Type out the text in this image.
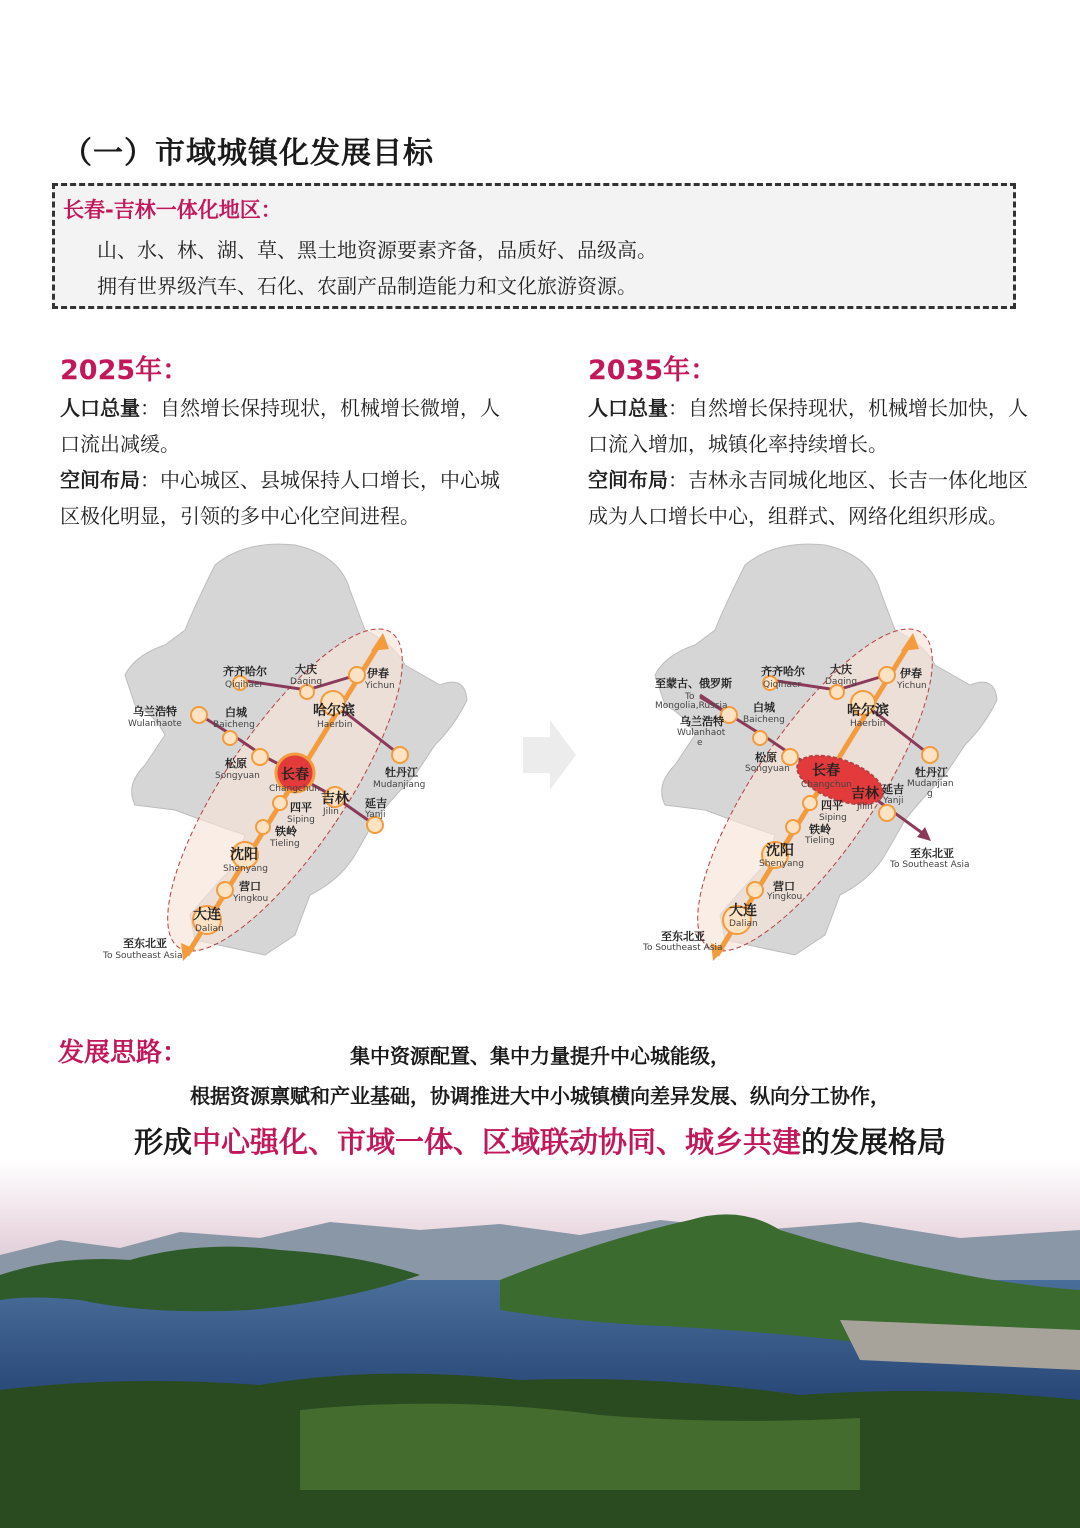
（一）市域城镇化发展目标
长春-吉林一体化地区：
山、水、林、湖、草、黑土地资源要素齐备，品质好、品级高。
拥有世界级汽车、石化、农副产品制造能力和文化旅游资源。
2025年：
人口总量：自然增长保持现状，机械增长微增，人口流出减缓。
空间布局：中心城区、县城保持人口增长，中心城区极化明显，引领的多中心化空间进程。
2035年：
人口总量：自然增长保持现状，机械增长加快，人口流入增加，城镇化率持续增长。
空间布局：吉林永吉同城化地区、长吉一体化地区成为人口增长中心，组群式、网络化组织形成。
齐齐哈尔
Qiqihaer
大庆
Daqing
伊春
Yichun
乌兰浩特
Wulanhaote
白城
Baicheng
哈尔滨
Haerbin
松原
Songyuan 长春
Changchun
牡丹江
Mudanjiang
吉林
Jilin
延吉
Yanji
四平
Siping
铁岭
Tieling
沈阳
Shenyang
营口
Yingkou
大连
Dalian
至东北亚
To Southeast Asia
至蒙古、俄罗斯
To
Mongolia,Russia
齐齐哈尔
Qiqihaer
大庆
Daqing
伊春
Yichun
乌兰浩特
Wulanhaot
e
白城
Baicheng
哈尔滨
Haerbin
松原
Songyuan 长春
Changchun
吉林
Jilin
延吉
Yanji
牡丹江
Mudanjian
g
四平
Siping
铁岭
Tieling
沈阳
Shenyang
营口
Yingkou
大连
Dalian
至东北亚
To Southeast Asia
至东北亚
To Southeast Asia
发展思路：	集中资源配置、集中力量提升中心城能级，
根据资源禀赋和产业基础，协调推进大中小城镇横向差异发展、纵向分工协作，
形成中心强化、市域一体、区域联动协同、城乡共建的发展格局
